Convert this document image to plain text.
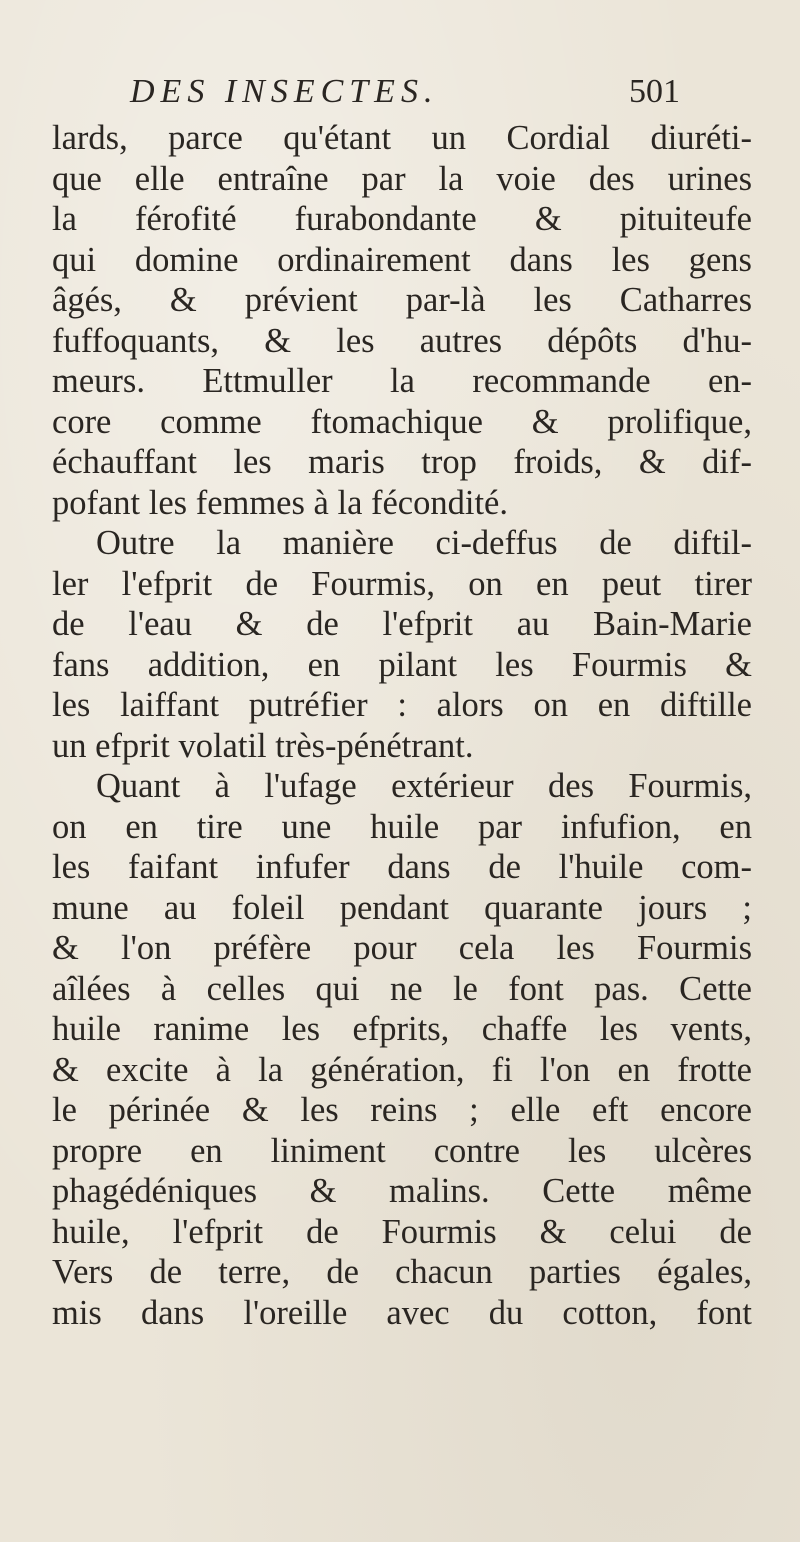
DES INSECTES.	501
lards, parce qu'étant un Cordial diuréti-
que elle entraîne par la voie des urines
la férofité furabondante & pituiteufe
qui domine ordinairement dans les gens
âgés, & prévient par-là les Catharres
fuffoquants, & les autres dépôts d'hu-
meurs. Ettmuller la recommande en-
core comme ftomachique & prolifique,
échauffant les maris trop froids, & dif-
pofant les femmes à la fécondité.
Outre la manière ci-deffus de diftil-
ler l'efprit de Fourmis, on en peut tirer
de l'eau & de l'efprit au Bain-Marie
fans addition, en pilant les Fourmis &
les laiffant putréfier : alors on en diftille
un efprit volatil très-pénétrant.
Quant à l'ufage extérieur des Fourmis,
on en tire une huile par infufion, en
les faifant infufer dans de l'huile com-
mune au foleil pendant quarante jours ;
& l'on préfère pour cela les Fourmis
aîlées à celles qui ne le font pas. Cette
huile ranime les efprits, chaffe les vents,
& excite à la génération, fi l'on en frotte
le périnée & les reins ; elle eft encore
propre en liniment contre les ulcères
phagédéniques & malins. Cette même
huile, l'efprit de Fourmis & celui de
Vers de terre, de chacun parties égales,
mis dans l'oreille avec du cotton, font
